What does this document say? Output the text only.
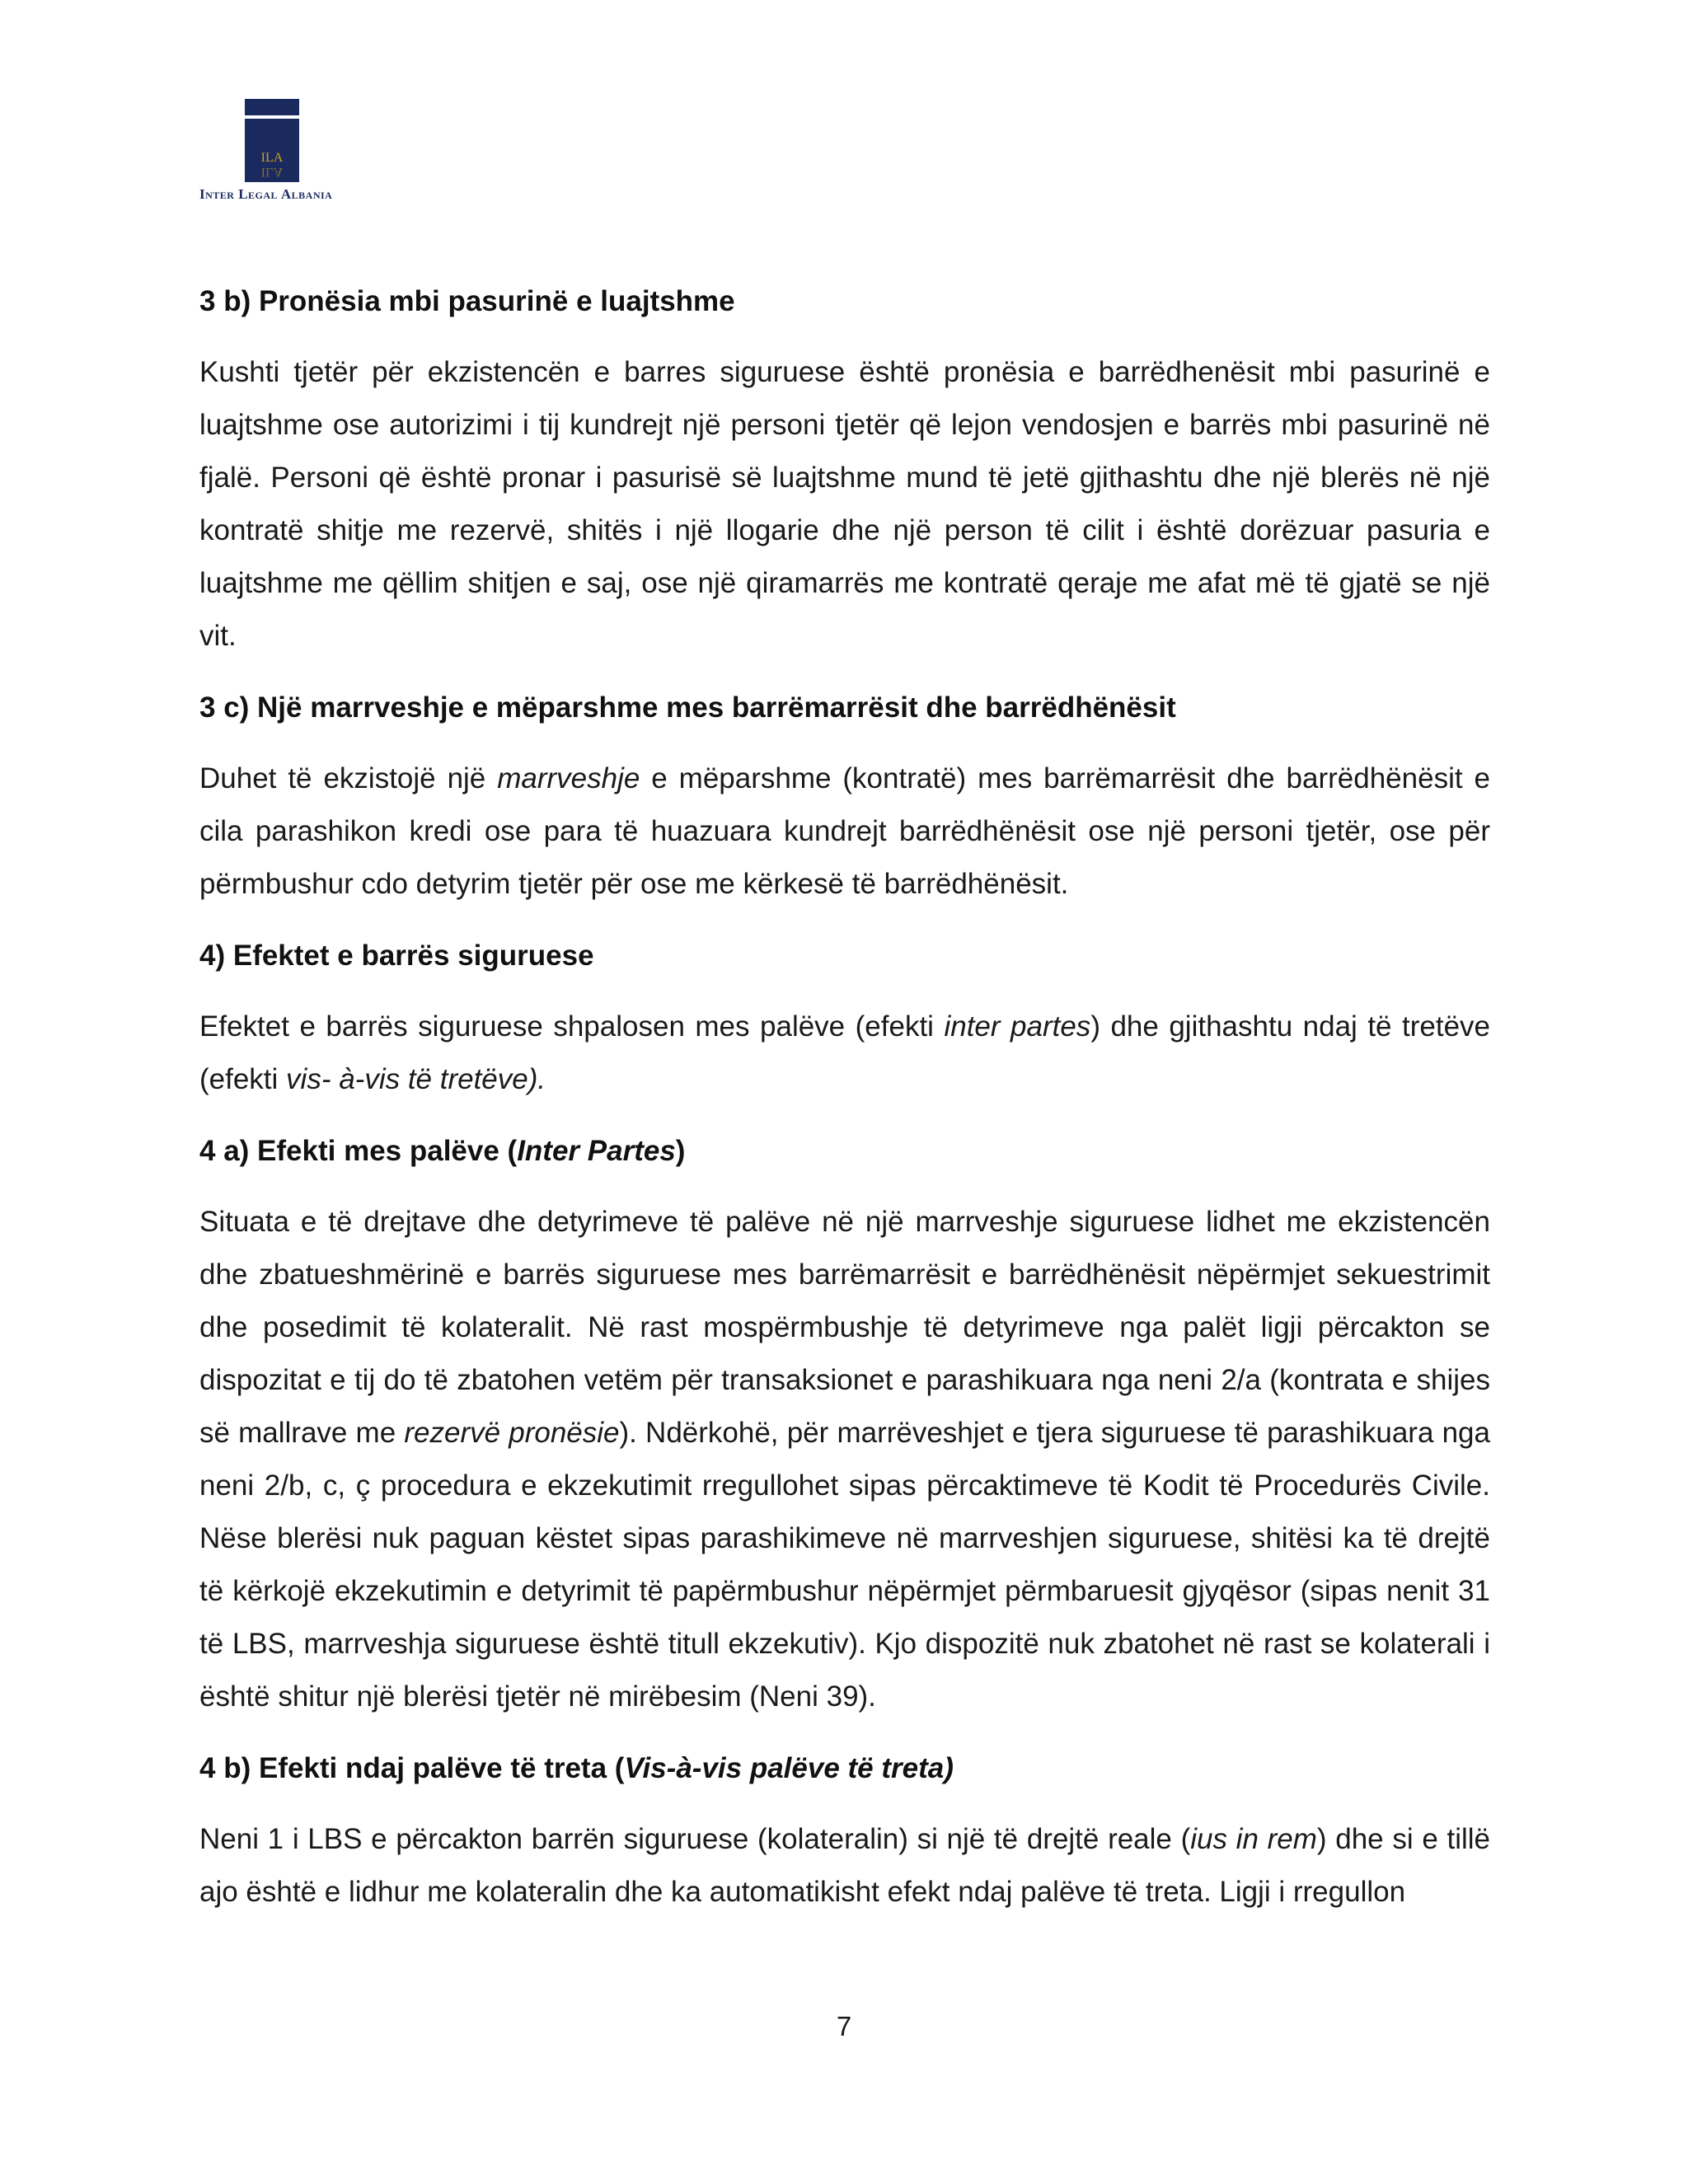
ILA
ILA
Inter Legal Albania
3 b) Pronësia mbi pasurinë e luajtshme

Kushti tjetër për ekzistencën e barres siguruese është pronësia e barrëdhenësit mbi pasurinë e luajtshme ose autorizimi i tij kundrejt një personi tjetër që lejon vendosjen e barrës mbi pasurinë në fjalë. Personi që është pronar i pasurisë së luajtshme mund të jetë gjithashtu dhe një blerës në një kontratë shitje me rezervë, shitës i një llogarie dhe një person të cilit i është dorëzuar pasuria e luajtshme me qëllim shitjen e saj, ose një qiramarrës me kontratë qeraje me afat më të gjatë se një vit.

3 c) Një marrveshje e mëparshme mes barrëmarrësit dhe barrëdhënësit

Duhet të ekzistojë një marrveshje e mëparshme (kontratë) mes barrëmarrësit dhe barrëdhënësit e cila parashikon kredi ose para të huazuara kundrejt barrëdhënësit ose një personi tjetër, ose për përmbushur cdo detyrim tjetër për ose me kërkesë të barrëdhënësit.

4) Efektet e barrës siguruese

Efektet e barrës siguruese shpalosen mes palëve (efekti inter partes) dhe gjithashtu ndaj të tretëve (efekti vis- à-vis të tretëve).

4 a) Efekti mes palëve (Inter Partes)

Situata e të drejtave dhe detyrimeve të palëve në një marrveshje siguruese lidhet me ekzistencën dhe zbatueshmërinë e barrës siguruese mes barrëmarrësit e barrëdhënësit nëpërmjet sekuestrimit dhe posedimit të kolateralit. Në rast mospërmbushje të detyrimeve nga palët ligji përcakton se dispozitat e tij do të zbatohen vetëm për transaksionet e parashikuara nga neni 2/a (kontrata e shijes së mallrave me rezervë pronësie). Ndërkohë, për marrëveshjet e tjera siguruese të parashikuara nga neni 2/b, c, ç procedura e ekzekutimit rregullohet sipas përcaktimeve të Kodit të Procedurës Civile. Nëse blerësi nuk paguan këstet sipas parashikimeve në marrveshjen siguruese, shitësi ka të drejtë të kërkojë ekzekutimin e detyrimit të papërmbushur nëpërmjet përmbaruesit gjyqësor (sipas nenit 31 të LBS, marrveshja siguruese është titull ekzekutiv). Kjo dispozitë nuk zbatohet në rast se kolaterali i është shitur një blerësi tjetër në mirëbesim (Neni 39).

4 b) Efekti ndaj palëve të treta (Vis-à-vis palëve të treta)

Neni 1 i LBS e përcakton barrën siguruese (kolateralin) si një të drejtë reale (ius in rem) dhe si e tillë ajo është e lidhur me kolateralin dhe ka automatikisht efekt ndaj palëve të treta. Ligji i rregullon

7
